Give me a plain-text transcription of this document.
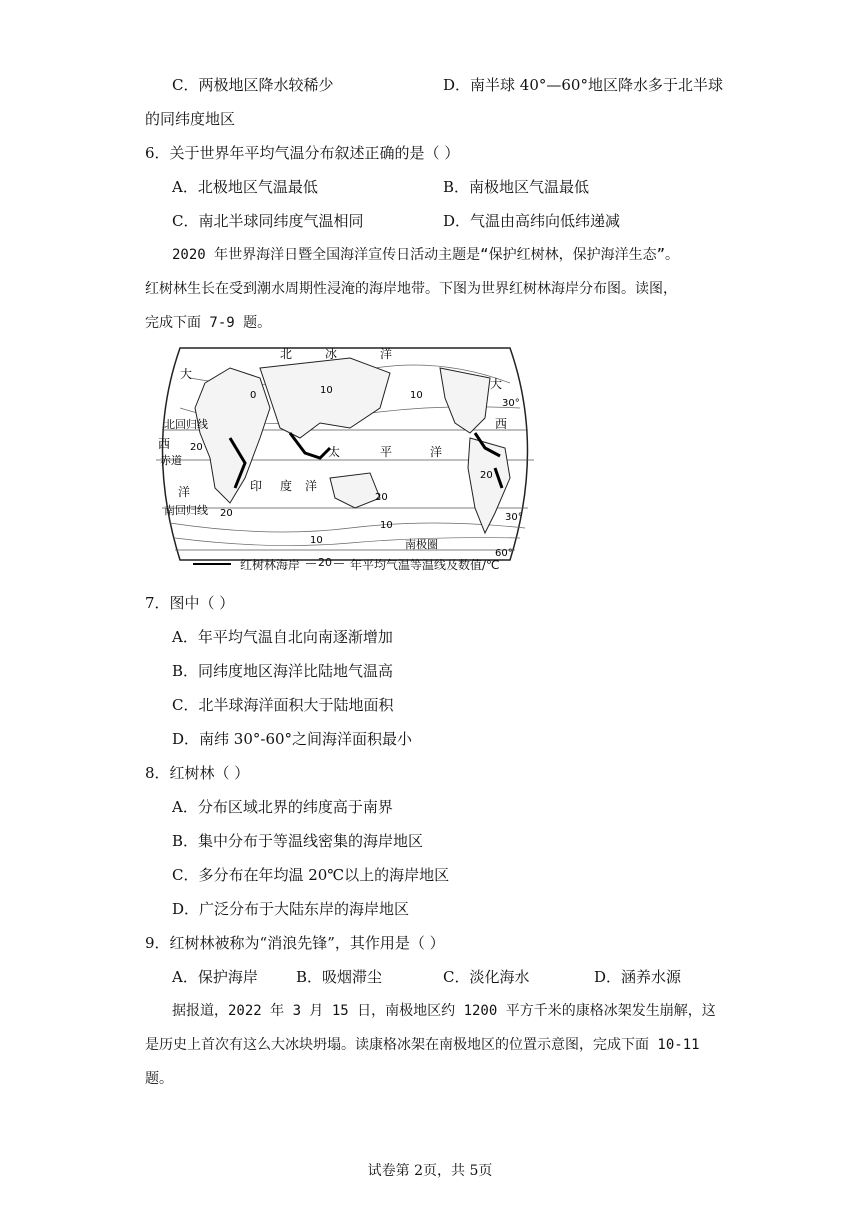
C．两极地区降水较稀少	D．南半球 40°—60°地区降水多于北半球
的同纬度地区
6．关于世界年平均气温分布叙述正确的是（ ）
A．北极地区气温最低	B．南极地区气温最低
C．南北半球同纬度气温相同	D．气温由高纬向低纬递减
2020 年世界海洋日暨全国海洋宣传日活动主题是“保护红树林，保护海洋生态”。
红树林生长在受到潮水周期性浸淹的海岸地带。下图为世界红树林海岸分布图。读图，
完成下面 7-9 题。
北	冰	洋
大
西
洋
大
西
太	平	洋
印 度 洋
北回归线
赤道
南回归线
南极圈
0	10	10
20
20
20
20
10
10
30°
30°
60°
红树林海岸 20 年平均气温等温线及数值/℃
7．图中（ ）
A．年平均气温自北向南逐渐增加
B．同纬度地区海洋比陆地气温高
C．北半球海洋面积大于陆地面积
D．南纬 30°-60°之间海洋面积最小
8．红树林（ ）
A．分布区域北界的纬度高于南界
B．集中分布于等温线密集的海岸地区
C．多分布在年均温 20℃以上的海岸地区
D．广泛分布于大陆东岸的海岸地区
9．红树林被称为“消浪先锋”，其作用是（ ）
A．保护海岸	B．吸烟滞尘	C．淡化海水	D．涵养水源
据报道，2022 年 3 月 15 日，南极地区约 1200 平方千米的康格冰架发生崩解，这
是历史上首次有这么大冰块坍塌。读康格冰架在南极地区的位置示意图，完成下面 10-11
题。
试卷第 2页，共 5页
